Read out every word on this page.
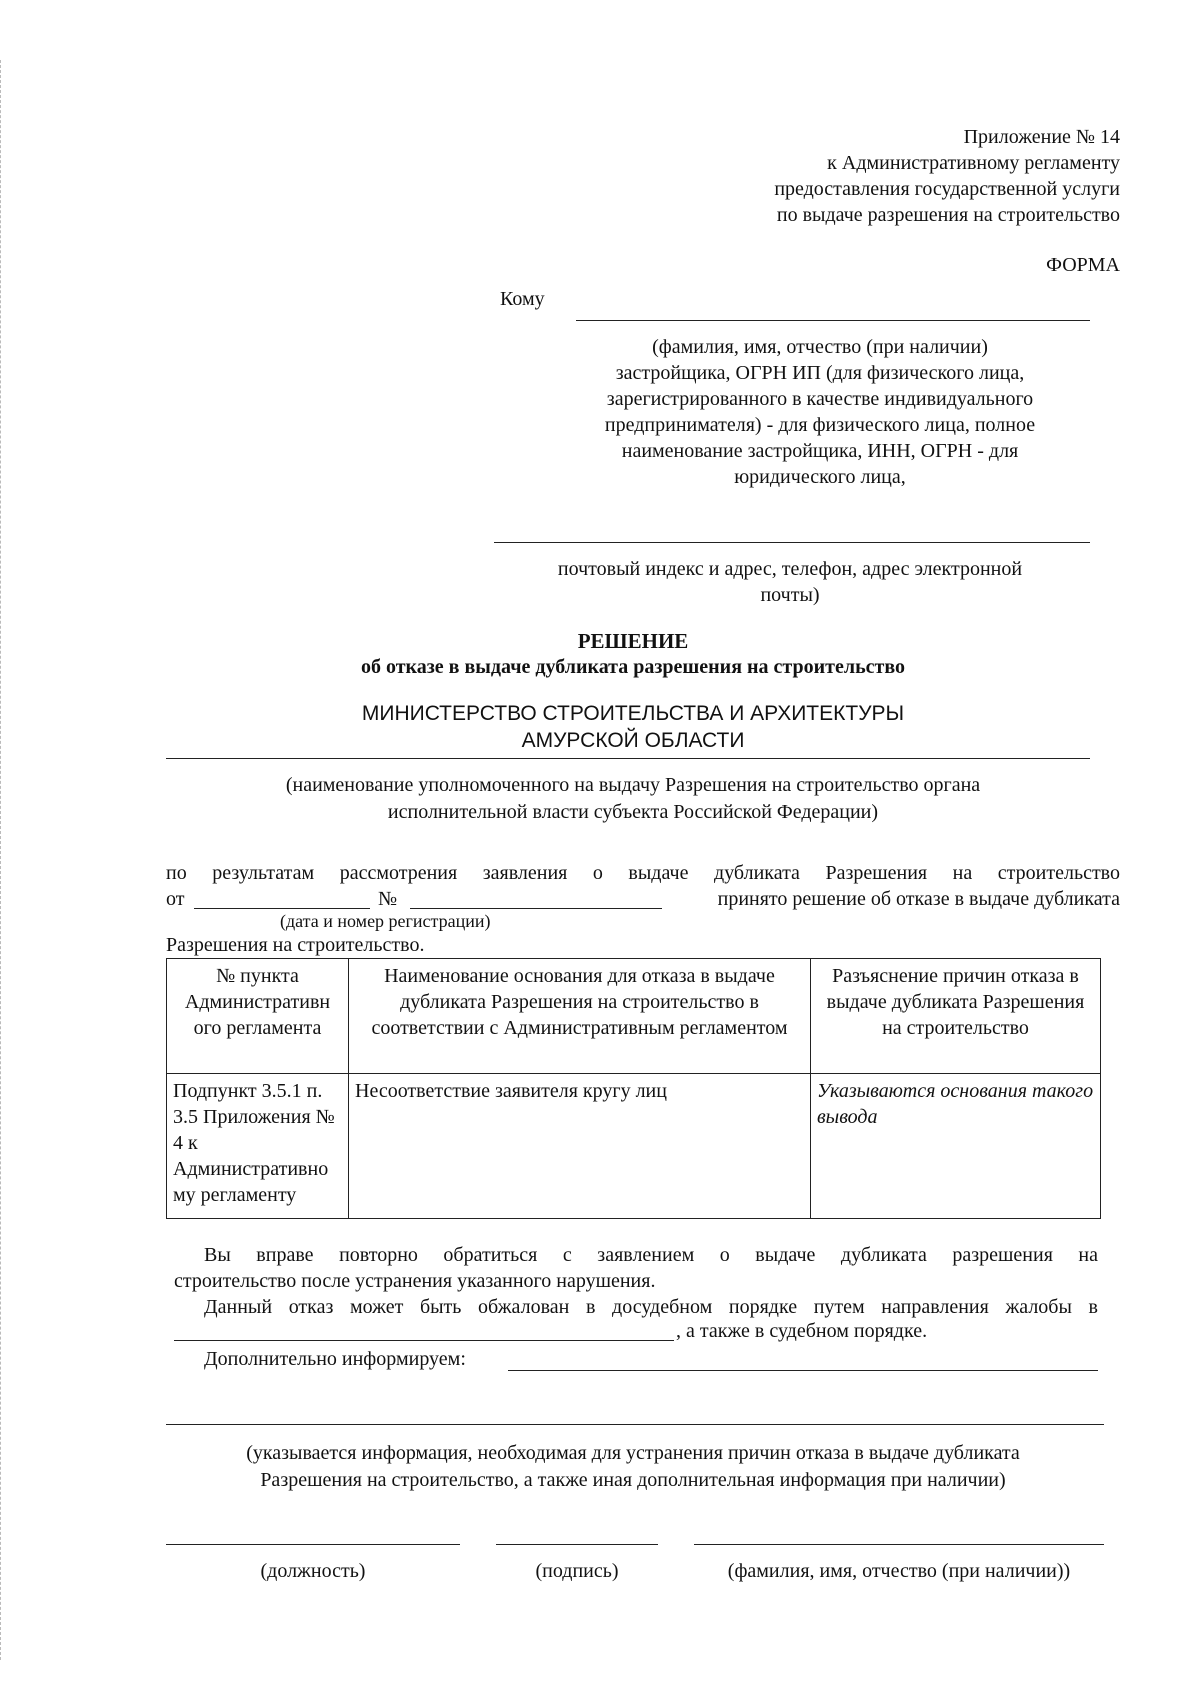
Приложение № 14
к Административному регламенту
предоставления государственной услуги
по выдаче разрешения на строительство
ФОРМА
Кому
(фамилия, имя, отчество (при наличии)
застройщика, ОГРН ИП (для физического лица,
зарегистрированного в качестве индивидуального
предпринимателя) - для физического лица, полное
наименование застройщика, ИНН, ОГРН - для
юридического лица,
почтовый индекс и адрес, телефон, адрес электронной
почты)
РЕШЕНИЕ
об отказе в выдаче дубликата разрешения на строительство
МИНИСТЕРСТВО СТРОИТЕЛЬСТВА И АРХИТЕКТУРЫ
АМУРСКОЙ ОБЛАСТИ
(наименование уполномоченного на выдачу Разрешения на строительство органа
исполнительной власти субъекта Российской Федерации)
по результатам рассмотрения заявления о выдаче дубликата Разрешения на строительство
от	№	принято решение об отказе в выдаче дубликата
(дата и номер регистрации)
Разрешения на строительство.
№ пункта Административн ого регламента	Наименование основания для отказа в выдаче дубликата Разрешения на строительство в соответствии с Административным регламентом	Разъяснение причин отказа в выдаче дубликата Разрешения на строительство
Подпункт 3.5.1 п. 3.5 Приложения № 4 к Административно му регламенту	Несоответствие заявителя кругу лиц	Указываются основания такого вывода
Вы вправе повторно обратиться с заявлением о выдаче дубликата разрешения на
строительство после устранения указанного нарушения.
Данный отказ может быть обжалован в досудебном порядке путем направления жалобы в
, а также в судебном порядке.
Дополнительно информируем:
(указывается информация, необходимая для устранения причин отказа в выдаче дубликата
Разрешения на строительство, а также иная дополнительная информация при наличии)
(должность)	(подпись)	(фамилия, имя, отчество (при наличии))
